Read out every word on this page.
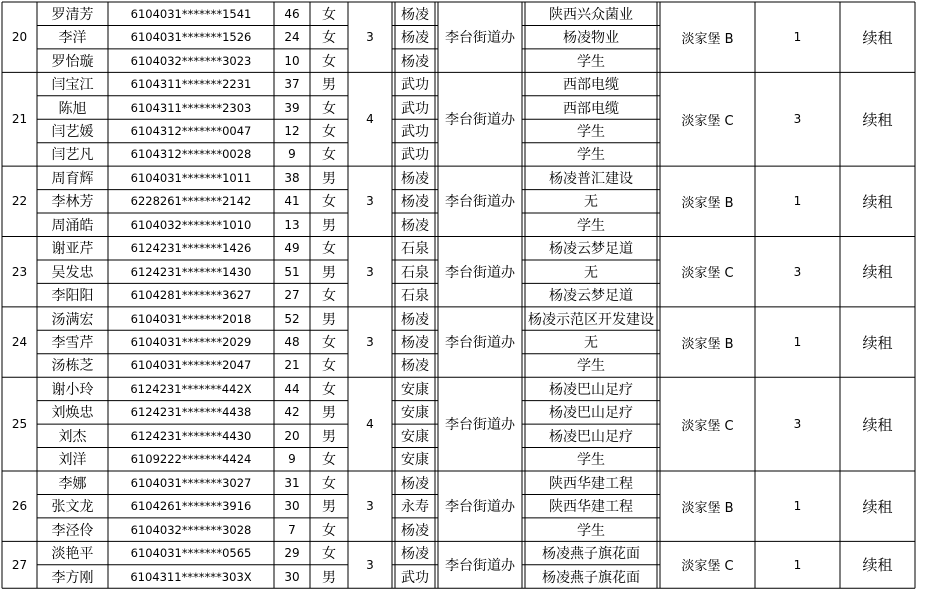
20	3	李台街道办	淡家堡 B	1	续租
罗清芳	6104031*******1541	46	女	杨凌	陕西兴众菌业
李洋	6104031*******1526	24	女	杨凌	杨凌物业
罗怡璇	6104032*******3023	10	女	杨凌	学生
21	4	李台街道办	淡家堡 C	3	续租
闫宝江	6104311*******2231	37	男	武功	西部电缆
陈旭	6104311*******2303	39	女	武功	西部电缆
闫艺媛	6104312*******0047	12	女	武功	学生
闫艺凡	6104312*******0028	9	女	武功	学生
22	3	李台街道办	淡家堡 B	1	续租
周育辉	6104031*******1011	38	男	杨凌	杨凌普汇建设
李林芳	6228261*******2142	41	女	杨凌	无
周涌皓	6104032*******1010	13	男	杨凌	学生
23	3	李台街道办	淡家堡 C	3	续租
谢亚芹	6124231*******1426	49	女	石泉	杨凌云梦足道
吴发忠	6124231*******1430	51	男	石泉	无
李阳阳	6104281*******3627	27	女	石泉	杨凌云梦足道
24	3	李台街道办	淡家堡 B	1	续租
汤满宏	6104031*******2018	52	男	杨凌	杨凌示范区开发建设
李雪芹	6104031*******2029	48	女	杨凌	无
汤栋芝	6104031*******2047	21	女	杨凌	学生
25	4	李台街道办	淡家堡 C	3	续租
谢小玲	6124231*******442X	44	女	安康	杨凌巴山足疗
刘焕忠	6124231*******4438	42	男	安康	杨凌巴山足疗
刘杰	6124231*******4430	20	男	安康	杨凌巴山足疗
刘洋	6109222*******4424	9	女	安康	学生
26	3	李台街道办	淡家堡 B	1	续租
李娜	6104031*******3027	31	女	杨凌	陕西华建工程
张文龙	6104261*******3916	30	男	永寿	陕西华建工程
李泾伶	6104032*******3028	7	女	杨凌	学生
27	3	李台街道办	淡家堡 C	1	续租
淡艳平	6104031*******0565	29	女	杨凌	杨凌燕子旗花面
李方刚	6104311*******303X	30	男	武功	杨凌燕子旗花面
